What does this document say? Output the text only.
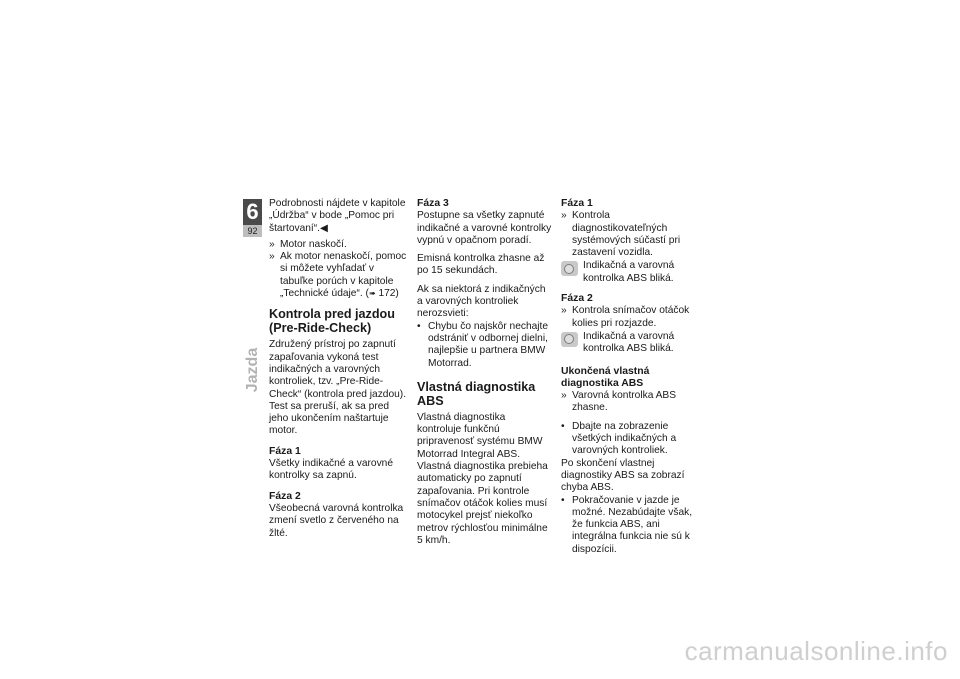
6
92
Jazda

Podrobnosti nájdete v kapitole „Údržba“ v bode „Pomoc pri štartovaní“.◀

» Motor naskočí.
» Ak motor nenaskočí, pomoc si môžete vyhľadať v tabuľke porúch v kapitole „Technické údaje“. (➠ 172)
Kontrola pred jazdou (Pre-Ride-Check)

Združený prístroj po zapnutí zapaľovania vykoná test indikačných a varovných kontroliek, tzv. „Pre-Ride-Check“ (kontrola pred jazdou). Test sa preruší, ak sa pred jeho ukončením naštartuje motor.

Fáza 1

Všetky indikačné a varovné kontrolky sa zapnú.

Fáza 2

Všeobecná varovná kontrolka zmení svetlo z červeného na žlté.

Fáza 3

Postupne sa všetky zapnuté indikačné a varovné kontrolky vypnú v opačnom poradí.

Emisná kontrolka zhasne až po 15 sekundách.

Ak sa niektorá z indikačných a varovných kontroliek nerozsvieti:

• Chybu čo najskôr nechajte odstrániť v odbornej dielni, najlepšie u partnera BMW Motorrad.
Vlastná diagnostika ABS

Vlastná diagnostika kontroluje funkčnú pripravenosť systému BMW Motorrad Integral ABS. Vlastná diagnostika prebieha automaticky po zapnutí zapaľovania. Pri kontrole snímačov otáčok kolies musí motocykel prejsť niekoľko metrov rýchlosťou minimálne 5 km/h.

Fáza 1
» Kontrola diagnostikovateľných systémových súčastí pri zastavení vozidla.
Indikačná a varovná kontrolka ABS bliká.
Fáza 2
» Kontrola snímačov otáčok kolies pri rozjazde.
Indikačná a varovná kontrolka ABS bliká.
Ukončená vlastná diagnostika ABS
» Varovná kontrolka ABS zhasne.
• Dbajte na zobrazenie všetkých indikačných a varovných kontroliek.

Po skončení vlastnej diagnostiky ABS sa zobrazí chyba ABS.

• Pokračovanie v jazde je možné. Nezabúdajte však, že funkcia ABS, ani integrálna funkcia nie sú k dispozícii.
carmanualsonline.info
